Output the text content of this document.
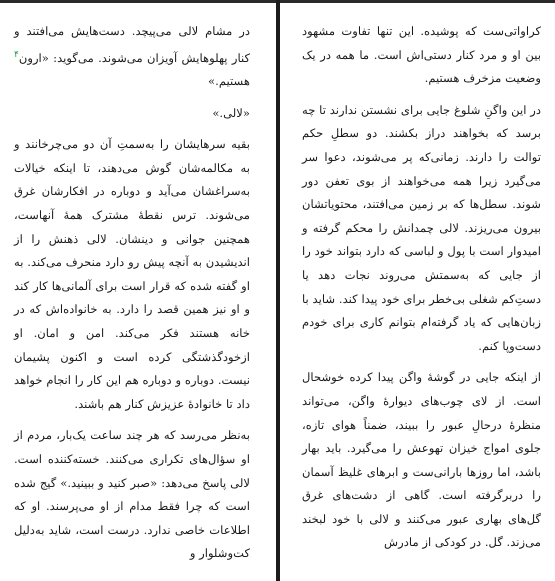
در مشام لالی می‌پیچد. دست‌هایش می‌افتند و کنار پهلوهایش آویزان می‌شوند. می‌گوید: «ارون$^۴$ هستیم.»

«لالی.»

بقیه سرهایشان را به‌سمتِ آن دو می‌چرخانند و به مکالمه‌شان گوش می‌دهند، تا اینکه خیالات به‌سراغشان می‌آید و دوباره در افکارشان غرق می‌شوند. ترس نقطهٔ مشترک همهٔ آنهاست، همچنین جوانی و دینشان. لالی ذهنش را از اندیشیدن به آنچه پیش رو دارد منحرف می‌کند. به او گفته شده که قرار است برای آلمانی‌ها کار کند و او نیز همین قصد را دارد. به خانواده‌اش که در خانه هستند فکر می‌کند. امن و امان. او ازخودگذشتگی کرده است و اکنون پشیمان نیست. دوباره و دوباره هم این کار را انجام خواهد داد تا خانوادهٔ عزیزش کنار هم باشند.

به‌نظر می‌رسد که هر چند ساعت یک‌بار، مردم از او سؤال‌های تکراری می‌کنند. خسته‌کننده است. لالی پاسخ می‌دهد: «صبر کنید و ببینید.» گیج شده است که چرا فقط مدام از او می‌پرسند. او که اطلاعات خاصی ندارد. درست است، شاید به‌دلیل کت‌وشلوار و

کراواتی‌ست که پوشیده. این تنها تفاوت مشهود بین او و مرد کنار دستی‌اش است. ما همه در یک وضعیت مزخرف هستیم.

در این واگنِ شلوغ جایی برای نشستن ندارند تا چه برسد که بخواهند دراز بکشند. دو سطلِ حکم توالت را دارند. زمانی‌که پر می‌شوند، دعوا سر می‌گیرد زیرا همه می‌خواهند از بوی تعفن دور شوند. سطل‌ها که بر زمین می‌افتند، محتویاتشان بیرون می‌ریزند. لالی چمدانش را محکم گرفته و امیدوار است با پول و لباسی که دارد بتواند خود را از جایی که به‌سمتش می‌روند نجات دهد یا دستِ‌کم شغلی بی‌خطر برای خود پیدا کند. شاید با زبان‌هایی که یاد گرفته‌ام بتوانم کاری برای خودم دست‌وپا کنم.

از اینکه جایی در گوشهٔ واگن پیدا کرده خوشحال است. از لای چوب‌های دیوارهٔ واگن، می‌تواند منظرهٔ درحالِ عبور را ببیند، ضمناً هوای تازه، جلوی امواج خیزان تهوعش را می‌گیرد. باید بهار باشد، اما روزها بارانی‌ست و ابرهای غلیظ آسمان را دربرگرفته است. گاهی از دشت‌های غرق گل‌های بهاری عبور می‌کنند و لالی با خود لبخند می‌زند. گل. در کودکی از مادرش
